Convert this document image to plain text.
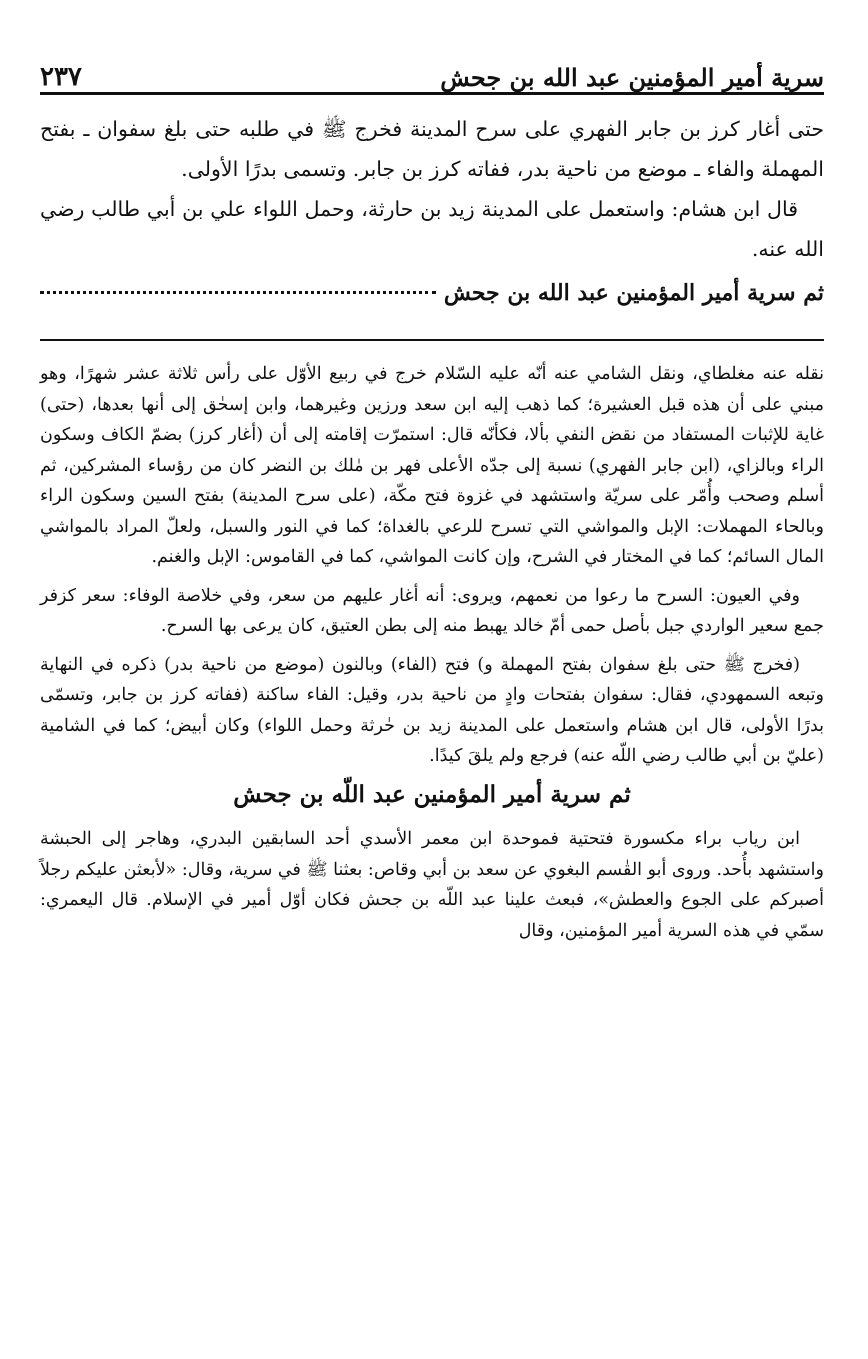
سرية أمير المؤمنين عبد الله بن جحش
٢٣٧

حتى أغار كرز بن جابر الفهري على سرح المدينة فخرج ﷺ في طلبه حتى بلغ سفوان ـ بفتح المهملة والفاء ـ موضع من ناحية بدر، ففاته كرز بن جابر. وتسمى بدرًا الأولى.

قال ابن هشام: واستعمل على المدينة زيد بن حارثة، وحمل اللواء علي بن أبي طالب رضي الله عنه.

ثم سرية أمير المؤمنين عبد الله بن جحش

نقله عنه مغلطاي، ونقل الشامي عنه أنّه عليه السّلام خرج في ربيع الأوّل على رأس ثلاثة عشر شهرًا، وهو مبني على أن هذه قبل العشيرة؛ كما ذهب إليه ابن سعد ورزين وغيرهما، وابن إسحٰق إلى أنها بعدها، (حتى) غاية للإثبات المستفاد من نقض النفي بألا، فكأنّه قال: استمرّت إقامته إلى أن (أغار كرز) بضمّ الكاف وسكون الراء وبالزاي، (ابن جابر الفهري) نسبة إلى جدّه الأعلى فهر بن مٰلك بن النضر كان من رؤساء المشركين، ثم أسلم وصحب وأُمّر على سريّة واستشهد في غزوة فتح مكّة، (على سرح المدينة) بفتح السين وسكون الراء وبالحاء المهملات: الإبل والمواشي التي تسرح للرعي بالغداة؛ كما في النور والسبل، ولعلّ المراد بالمواشي المال السائم؛ كما في المختار في الشرح، وإن كانت المواشي، كما في القاموس: الإبل والغنم.

وفي العيون: السرح ما رعوا من نعمهم، ويروى: أنه أغار عليهم من سعر، وفي خلاصة الوفاء: سعر كزفر جمع سعير الواردي جبل بأصل حمى أمّ خالد يهبط منه إلى بطن العتيق، كان يرعى بها السرح.

(فخرج ﷺ حتى بلغ سفوان بفتح المهملة و) فتح (الفاء) وبالنون (موضع من ناحية بدر) ذكره في النهاية وتبعه السمهودي، فقال: سفوان بفتحات وادٍ من ناحية بدر، وقيل: الفاء ساكنة (ففاته كرز بن جابر، وتسمّى بدرًا الأولى، قال ابن هشام واستعمل على المدينة زيد بن حٰرثة وحمل اللواء) وكان أبيض؛ كما في الشامية (عليّ بن أبي طالب رضي اللّه عنه) فرجع ولم يلقَ كيدًا.

ثم سرية أمير المؤمنين عبد اللّه بن جحش

ابن رياب براء مكسورة فتحتية فموحدة ابن معمر الأسدي أحد السابقين البدري، وهاجر إلى الحبشة واستشهد بأُحد. وروى أبو القٰسم البغوي عن سعد بن أبي وقاص: بعثنا ﷺ في سرية، وقال: «لأبعثن عليكم رجلاً أصبركم على الجوع والعطش»، فبعث علينا عبد اللّه بن جحش فكان أوّل أمير في الإسلام. قال اليعمري: سمّي في هذه السرية أمير المؤمنين، وقال
